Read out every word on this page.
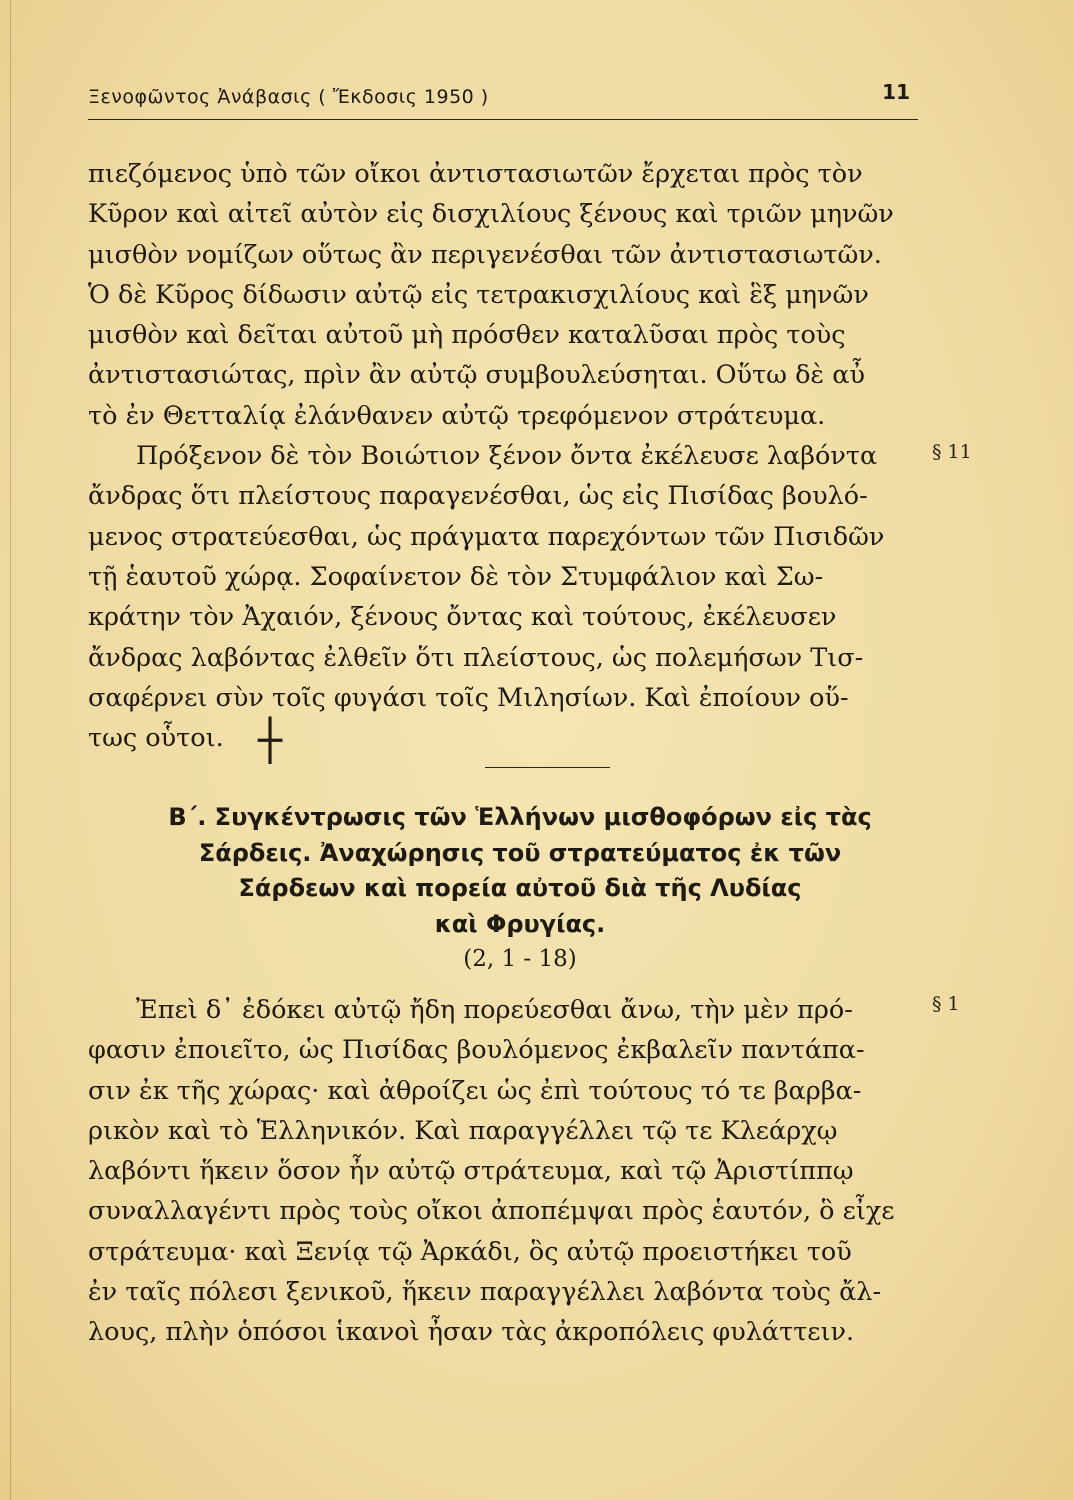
Ξενοφῶντος Ἀνάβασις ( Ἔκδοσις 1950 )	11

πιεζόμενος ὑπὸ τῶν οἴκοι ἀντιστασιωτῶν ἔρχεται πρὸς τὸν

Κῦρον καὶ αἰτεῖ αὐτὸν εἰς δισχιλίους ξένους καὶ τριῶν μηνῶν

μισθὸν νομίζων οὕτως ἂν περιγενέσθαι τῶν ἀντιστασιωτῶν.

Ὁ δὲ Κῦρος δίδωσιν αὐτῷ εἰς τετρακισχιλίους καὶ ἓξ μηνῶν

μισθὸν καὶ δεῖται αὐτοῦ μὴ πρόσθεν καταλῦσαι πρὸς τοὺς

ἀντιστασιώτας, πρὶν ἂν αὐτῷ συμβουλεύσηται. Οὕτω δὲ αὖ

τὸ ἐν Θετταλίᾳ ἐλάνθανεν αὐτῷ τρεφόμενον στράτευμα.

Πρόξενον δὲ τὸν Βοιώτιον ξένον ὄντα ἐκέλευσε λαβόντα

ἄνδρας ὅτι πλείστους παραγενέσθαι, ὡς εἰς Πισίδας βουλό-

μενος στρατεύεσθαι, ὡς πράγματα παρεχόντων τῶν Πισιδῶν

τῇ ἑαυτοῦ χώρᾳ. Σοφαίνετον δὲ τὸν Στυμφάλιον καὶ Σω-

κράτην τὸν Ἀχαιόν, ξένους ὄντας καὶ τούτους, ἐκέλευσεν

ἄνδρας λαβόντας ἐλθεῖν ὅτι πλείστους, ὡς πολεμήσων Τισ-

σαφέρνει σὺν τοῖς φυγάσι τοῖς Μιλησίων. Καὶ ἐποίουν οὕ-

τως οὗτοι.

§ 11
┼
Β΄. Συγκέντρωσις τῶν Ἑλλήνων μισθοφόρων εἰς τὰς
Σάρδεις. Ἀναχώρησις τοῦ στρατεύματος ἐκ τῶν
Σάρδεων καὶ πορεία αὐτοῦ διὰ τῆς Λυδίας
καὶ Φρυγίας.
(2, 1 - 18)

Ἐπεὶ δ᾽ ἐδόκει αὐτῷ ἤδη πορεύεσθαι ἄνω, τὴν μὲν πρό-

φασιν ἐποιεῖτο, ὡς Πισίδας βουλόμενος ἐκβαλεῖν παντάπα-

σιν ἐκ τῆς χώρας· καὶ ἀθροίζει ὡς ἐπὶ τούτους τό τε βαρβα-

ρικὸν καὶ τὸ Ἑλληνικόν. Καὶ παραγγέλλει τῷ τε Κλεάρχῳ

λαβόντι ἥκειν ὅσον ἦν αὐτῷ στράτευμα, καὶ τῷ Ἀριστίππῳ

συναλλαγέντι πρὸς τοὺς οἴκοι ἀποπέμψαι πρὸς ἑαυτόν, ὃ εἶχε

στράτευμα· καὶ Ξενίᾳ τῷ Ἀρκάδι, ὃς αὐτῷ προειστήκει τοῦ

ἐν ταῖς πόλεσι ξενικοῦ, ἥκειν παραγγέλλει λαβόντα τοὺς ἄλ-

λους, πλὴν ὁπόσοι ἱκανοὶ ἦσαν τὰς ἀκροπόλεις φυλάττειν.

§ 1
